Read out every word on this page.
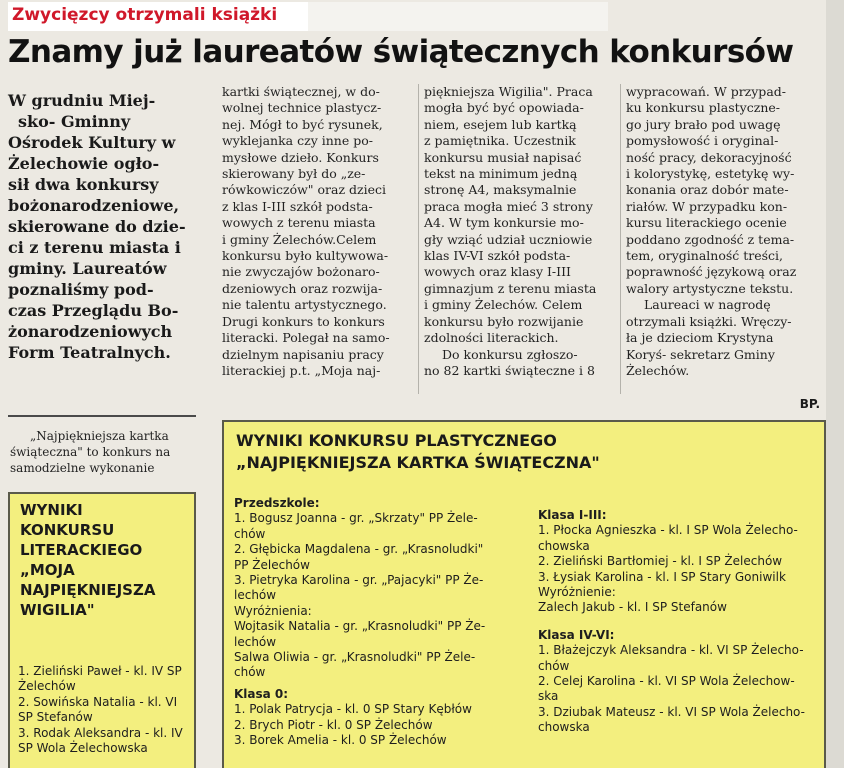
Zwycięzcy otrzymali książki
Znamy już laureatów świątecznych konkursów

W grudniu Miej-

sko- Gminny

Ośrodek Kultury w

Żelechowie ogło-

sił dwa konkursy

bożonarodzeniowe,

skierowane do dzie-

ci z terenu miasta i

gminy. Laureatów

poznaliśmy pod-

czas Przeglądu Bo-

żonarodzeniowych

Form Teatralnych.

„Najpiękniejsza kartka

świąteczna" to konkurs na

samodzielne wykonanie

kartki świątecznej, w do-

wolnej technice plastycz-

nej. Mógł to być rysunek,

wyklejanka czy inne po-

mysłowe dzieło. Konkurs

skierowany był do „ze-

rówkowiczów" oraz dzieci

z klas I-III szkół podsta-

wowych z terenu miasta

i gminy Żelechów.Celem

konkursu było kultywowa-

nie zwyczajów bożonaro-

dzeniowych oraz rozwija-

nie talentu artystycznego.

Drugi konkurs to konkurs

literacki. Polegał na samo-

dzielnym napisaniu pracy

literackiej p.t. „Moja naj-

piękniejsza Wigilia". Praca

mogła być być opowiada-

niem, esejem lub kartką

z pamiętnika. Uczestnik

konkursu musiał napisać

tekst na minimum jedną

stronę A4, maksymalnie

praca mogła mieć 3 strony

A4. W tym konkursie mo-

gły wziąć udział uczniowie

klas IV-VI szkół podsta-

wowych oraz klasy I-III

gimnazjum z terenu miasta

i gminy Żelechów. Celem

konkursu było rozwijanie

zdolności literackich.

Do konkursu zgłoszo-

no 82 kartki świąteczne i 8

wypracowań. W przypad-

ku konkursu plastyczne-

go jury brało pod uwagę

pomysłowość i oryginal-

ność pracy, dekoracyjność

i kolorystykę, estetykę wy-

konania oraz dobór mate-

riałów. W przypadku kon-

kursu literackiego ocenie

poddano zgodność z tema-

tem, oryginalność treści,

poprawność językową oraz

walory artystyczne tekstu.

Laureaci w nagrodę

otrzymali książki. Wręczy-

ła je dzieciom Krystyna

Koryś- sekretarz Gminy

Żelechów.

BP.

WYNIKI

KONKURSU

LITERACKIEGO

„MOJA

NAJPIĘKNIEJSZA

WIGILIA"

1. Zieliński Paweł - kl. IV SP

Żelechów

2. Sowińska Natalia - kl. VI

SP Stefanów

3. Rodak Aleksandra - kl. IV

SP Wola Żelechowska

WYNIKI KONKURSU PLASTYCZNEGO

„NAJPIĘKNIEJSZA KARTKA ŚWIĄTECZNA"

Przedszkole:

1. Bogusz Joanna - gr. „Skrzaty" PP Żele-

chów

2. Głębicka Magdalena - gr. „Krasnoludki"

PP Żelechów

3. Pietryka Karolina - gr. „Pajacyki" PP Że-

lechów

Wyróżnienia:

Wojtasik Natalia - gr. „Krasnoludki" PP Że-

lechów

Salwa Oliwia - gr. „Krasnoludki" PP Żele-

chów

Klasa 0:

1. Polak Patrycja - kl. 0 SP Stary Kębłów

2. Brych Piotr - kl. 0 SP Żelechów

3. Borek Amelia - kl. 0 SP Żelechów

Klasa I-III:

1. Płocka Agnieszka - kl. I SP Wola Żelecho-

chowska

2. Zieliński Bartłomiej - kl. I SP Żelechów

3. Łysiak Karolina - kl. I SP Stary Goniwilk

Wyróżnienie:

Zalech Jakub - kl. I SP Stefanów

Klasa IV-VI:

1. Błażejczyk Aleksandra - kl. VI SP Żelecho-

chów

2. Celej Karolina - kl. VI SP Wola Żelechow-

ska

3. Dziubak Mateusz - kl. VI SP Wola Żelecho-

chowska
